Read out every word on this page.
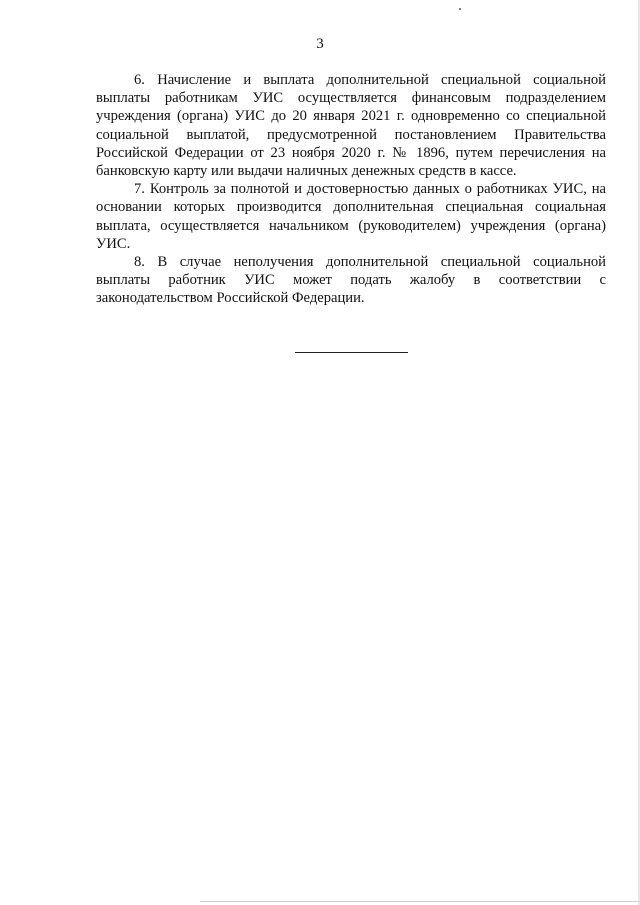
3

6. Начисление и выплата дополнительной специальной социальной выплаты работникам УИС осуществляется финансовым подразделением учреждения (органа) УИС до 20 января 2021 г. одновременно со специальной социальной выплатой, предусмотренной постановлением Правительства Российской Федерации от 23 ноября 2020 г. № 1896, путем перечисления на банковскую карту или выдачи наличных денежных средств в кассе.

7. Контроль за полнотой и достоверностью данных о работниках УИС, на основании которых производится дополнительная специальная социальная выплата, осуществляется начальником (руководителем) учреждения (органа) УИС.

8. В случае неполучения дополнительной специальной социальной выплаты работник УИС может подать жалобу в соответствии с законодательством Российской Федерации.
